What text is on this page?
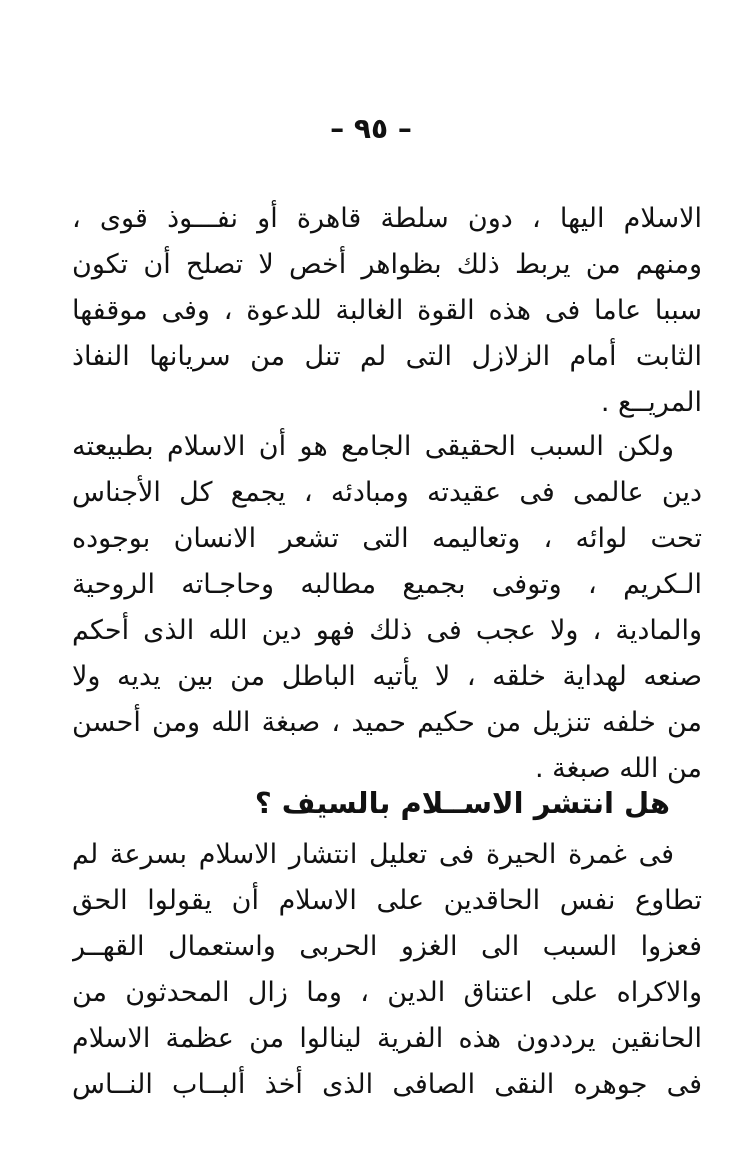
– ٩٥ –
الاسلام اليها ، دون سلطة قاهرة أو نفـــوذ قوى ،
ومنهم من يربط ذلك بظواهر أخص لا تصلح أن تكون
سببا عاما فى هذه القوة الغالبة للدعوة ، وفى موقفها
الثابت أمام الزلازل التى لم تنل من سريانها النفاذ
المريــع .
ولكن السبب الحقيقى الجامع هو أن الاسلام بطبيعته
دين عالمى فى عقيدته ومبادئه ، يجمع كل الأجناس
تحت لوائه ، وتعاليمه التى تشعر الانسان بوجوده
الـكريم ، وتوفى بجميع مطالبه وحاجـاته الروحية
والمادية ، ولا عجب فى ذلك فهو دين الله الذى أحكم
صنعه لهداية خلقه ، لا يأتيه الباطل من بين يديه ولا
من خلفه تنزيل من حكيم حميد ، صبغة الله ومن أحسن
من الله صبغة .
هل انتشر الاســلام بالسيف ؟
فى غمرة الحيرة فى تعليل انتشار الاسلام بسرعة لم
تطاوع نفس الحاقدين على الاسلام أن يقولوا الحق
فعزوا السبب الى الغزو الحربى واستعمال القهــر
والاكراه على اعتناق الدين ، وما زال المحدثون من
الحانقين يرددون هذه الفرية لينالوا من عظمة الاسلام
فى جوهره النقى الصافى الذى أخذ ألبــاب النــاس
